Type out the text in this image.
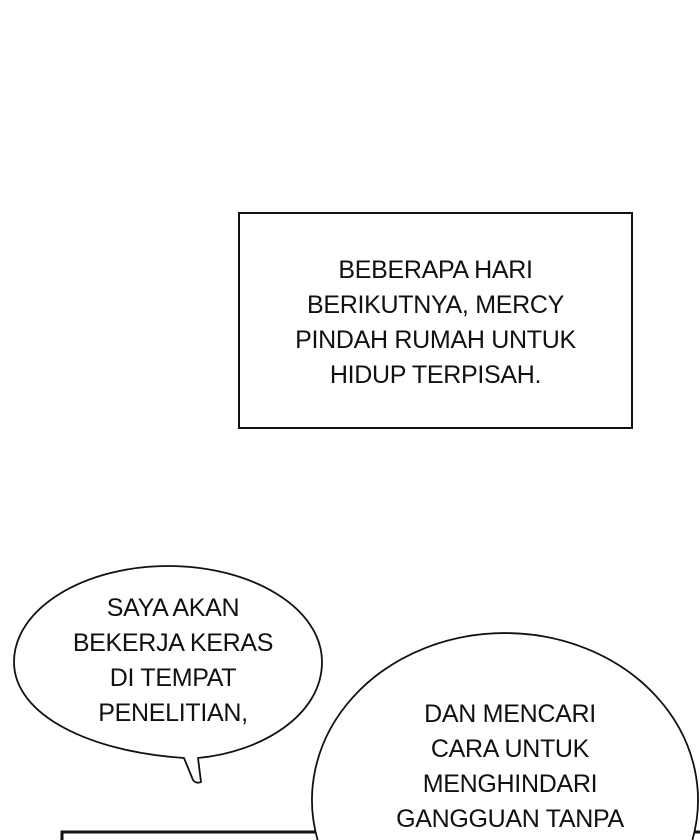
BEBERAPA HARI
BERIKUTNYA, MERCY
PINDAH RUMAH UNTUK
HIDUP TERPISAH.
SAYA AKAN
BEKERJA KERAS
DI TEMPAT
PENELITIAN,	DAN MENCARI
CARA UNTUK
MENGHINDARI
GANGGUAN TANPA
